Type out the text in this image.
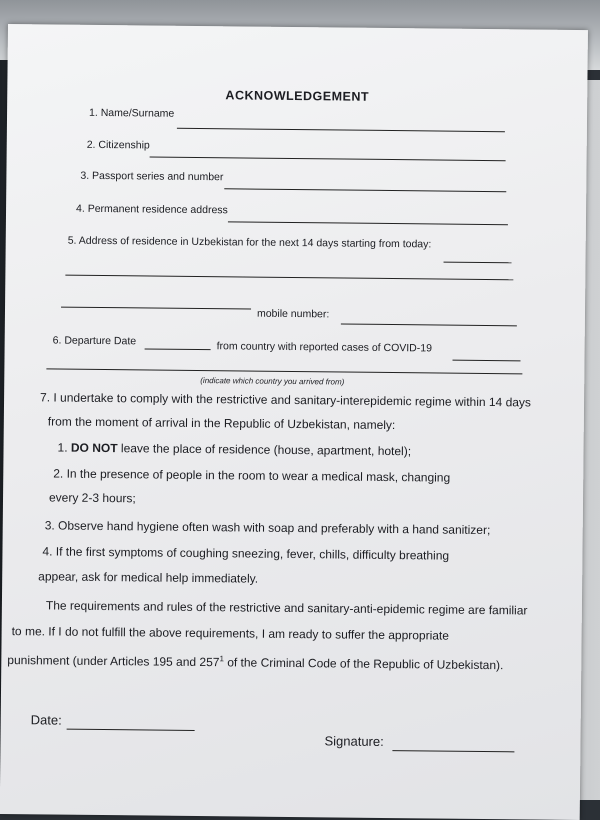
ACKNOWLEDGEMENT
1. Name/Surname
2. Citizenship
3. Passport series and number
4. Permanent residence address
5. Address of residence in Uzbekistan for the next 14 days starting from today:
mobile number:
6. Departure Date	from country with reported cases of COVID-19
(indicate which country you arrived from)
7. I undertake to comply with the restrictive and sanitary-interepidemic regime within 14 days
from the moment of arrival in the Republic of Uzbekistan, namely:
1. DO NOT leave the place of residence (house, apartment, hotel);
2. In the presence of people in the room to wear a medical mask, changing
every 2-3 hours;
3. Observe hand hygiene often wash with soap and preferably with a hand sanitizer;
4. If the first symptoms of coughing sneezing, fever, chills, difficulty breathing
appear, ask for medical help immediately.
The requirements and rules of the restrictive and sanitary-anti-epidemic regime are familiar
to me. If I do not fulfill the above requirements, I am ready to suffer the appropriate
punishment (under Articles 195 and $257^1$ of the Criminal Code of the Republic of Uzbekistan).
Date:
Signature:
